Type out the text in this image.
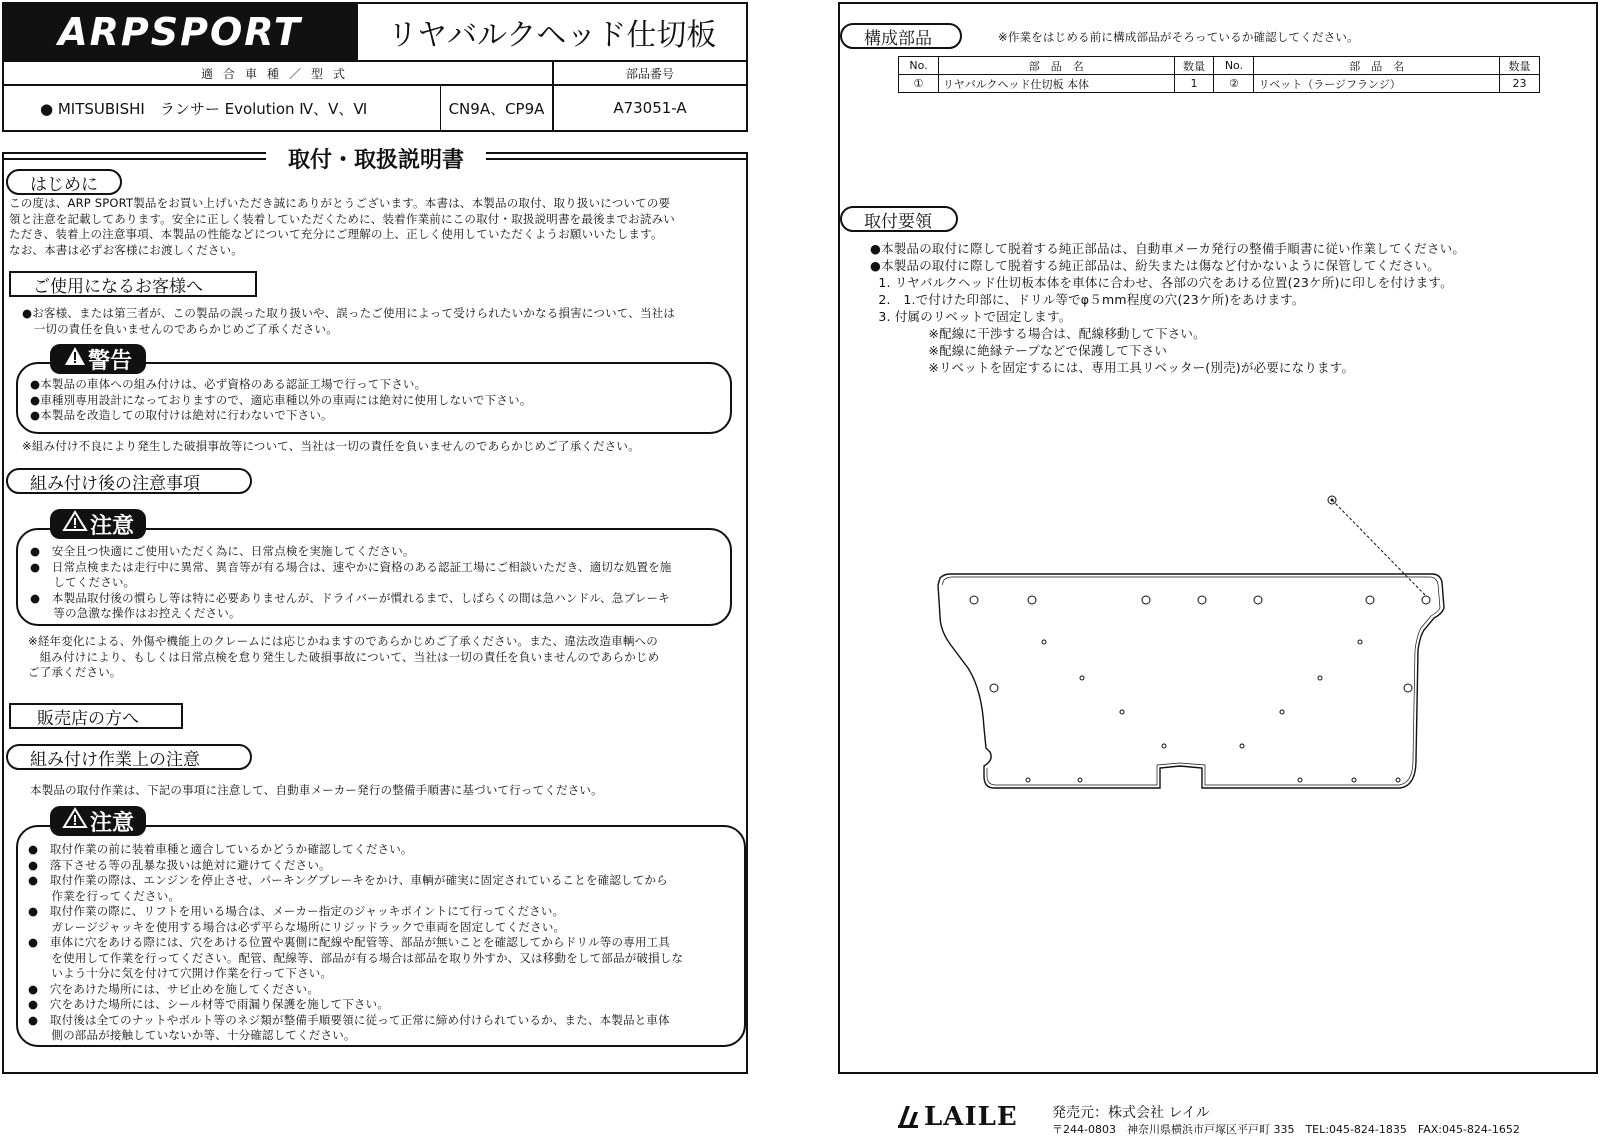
ARPSPORT	リヤバルクヘッド仕切板
適合車種／型式	部品番号
● MITSUBISHI　ランサー Evolution Ⅳ、Ⅴ、Ⅵ	CN9A、CP9A	A73051-A
取付・取扱説明書
はじめに
この度は、ARP SPORT製品をお買い上げいただき誠にありがとうございます。本書は、本製品の取付、取り扱いについての要
領と注意を記載してあります。安全に正しく装着していただくために、装着作業前にこの取付・取扱説明書を最後までお読みい
ただき、装着上の注意事項、本製品の性能などについて充分にご理解の上、正しく使用していただくようお願いいたします。
なお、本書は必ずお客様にお渡しください。
ご使用になるお客様へ
●お客様、または第三者が、この製品の誤った取り扱いや、誤ったご使用によって受けられたいかなる損害について、当社は
　一切の責任を負いませんのであらかじめご了承ください。
警告
●本製品の車体への組み付けは、必ず資格のある認証工場で行って下さい。
●車種別専用設計になっておりますので、適応車種以外の車両には絶対に使用しないで下さい。
●本製品を改造しての取付けは絶対に行わないで下さい。
※組み付け不良により発生した破損事故等について、当社は一切の責任を負いませんのであらかじめご了承ください。
組み付け後の注意事項
注意
●　安全且つ快適にご使用いただく為に、日常点検を実施してください。
●　日常点検または走行中に異常、異音等が有る場合は、速やかに資格のある認証工場にご相談いただき、適切な処置を施
　　してください。
●　本製品取付後の慣らし等は特に必要ありませんが、ドライバーが慣れるまで、しばらくの間は急ハンドル、急ブレーキ
　　等の急激な操作はお控えください。
※経年変化による、外傷や機能上のクレームには応じかねますのであらかじめご了承ください。また、違法改造車輌への
　組み付けにより、もしくは日常点検を怠り発生した破損事故について、当社は一切の責任を負いませんのであらかじめ
ご了承ください。
販売店の方へ
組み付け作業上の注意
本製品の取付作業は、下記の事項に注意して、自動車メーカー発行の整備手順書に基づいて行ってください。
注意
●　取付作業の前に装着車種と適合しているかどうか確認してください。
●　落下させる等の乱暴な扱いは絶対に避けてください。
●　取付作業の際は、エンジンを停止させ、パーキングブレーキをかけ、車輌が確実に固定されていることを確認してから
　　作業を行ってください。
●　取付作業の際に、リフトを用いる場合は、メーカー指定のジャッキポイントにて行ってください。
　　ガレージジャッキを使用する場合は必ず平らな場所にリジッドラックで車両を固定してください。
●　車体に穴をあける際には、穴をあける位置や裏側に配線や配管等、部品が無いことを確認してからドリル等の専用工具
　　を使用して作業を行ってください。配管、配線等、部品が有る場合は部品を取り外すか、又は移動をして部品が破損しな
　　いよう十分に気を付けて穴開け作業を行って下さい。
●　穴をあけた場所には、サビ止めを施してください。
●　穴をあけた場所には、シール材等で雨漏り保護を施して下さい。
●　取付後は全てのナットやボルト等のネジ類が整備手順要領に従って正常に締め付けられているか、また、本製品と車体
　　側の部品が接触していないか等、十分確認してください。
構成部品	※作業をはじめる前に構成部品がそろっているか確認してください。
No.	部　品　名	数量	No.	部　品　名	数量
①	リヤバルクヘッド仕切板 本体	1	②	リベット（ラージフランジ）	23
取付要領
●本製品の取付に際して脱着する純正部品は、自動車メーカ発行の整備手順書に従い作業してください。
●本製品の取付に際して脱着する純正部品は、紛失または傷など付かないように保管してください。
1. リヤバルクヘッド仕切板本体を車体に合わせ、各部の穴をあける位置(23ケ所)に印しを付けます。
2.　1.で付けた印部に、ドリル等でφ５mm程度の穴(23ケ所)をあけます。
3. 付属のリベットで固定します。
※配線に干渉する場合は、配線移動して下さい。
※配線に絶縁テープなどで保護して下さい
※リベットを固定するには、専用工具リベッター(別売)が必要になります。
LAILE 発売元：株式会社 レイル
〒244-0803　神奈川県横浜市戸塚区平戸町 335　TEL:045-824-1835　FAX:045-824-1652
